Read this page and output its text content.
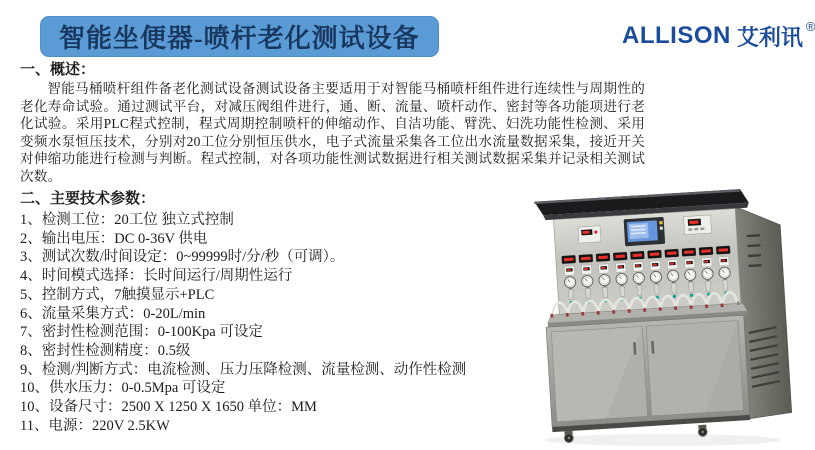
智能坐便器-喷杆老化测试设备	ALLISON 艾利讯 ®
一、概述：

智能马桶喷杆组件备老化测试设备测试设备主要适用于对智能马桶喷杆组件进行连续性与周期性的老化寿命试验。通过测试平台，对减压阀组件进行，通、断、流量、喷杆动作、密封等各功能项进行老化试验。采用PLC程式控制，程式周期控制喷杆的伸缩动作、自洁功能、臂洗、妇洗功能性检测、采用变频水泵恒压技术，分别对20工位分别恒压供水，电子式流量采集各工位出水流量数据采集，接近开关对伸缩功能进行检测与判断。程式控制，对各项功能性测试数据进行相关测试数据采集并记录相关测试次数。

二、主要技术参数：
1、检测工位：20工位 独立式控制
2、输出电压：DC 0-36V 供电
3、测试次数/时间设定：0~99999时/分/秒（可调）。
4、时间模式选择：长时间运行/周期性运行
5、控制方式，7触摸显示+PLC
6、流量采集方式：0-20L/min
7、密封性检测范围：0-100Kpa 可设定
8、密封性检测精度：0.5级
9、检测/判断方式：电流检测、压力压降检测、流量检测、动作性检测
10、供水压力：0-0.5Mpa 可设定
10、设备尺寸：2500 X 1250 X 1650 单位：MM
11、电源：220V 2.5KW
